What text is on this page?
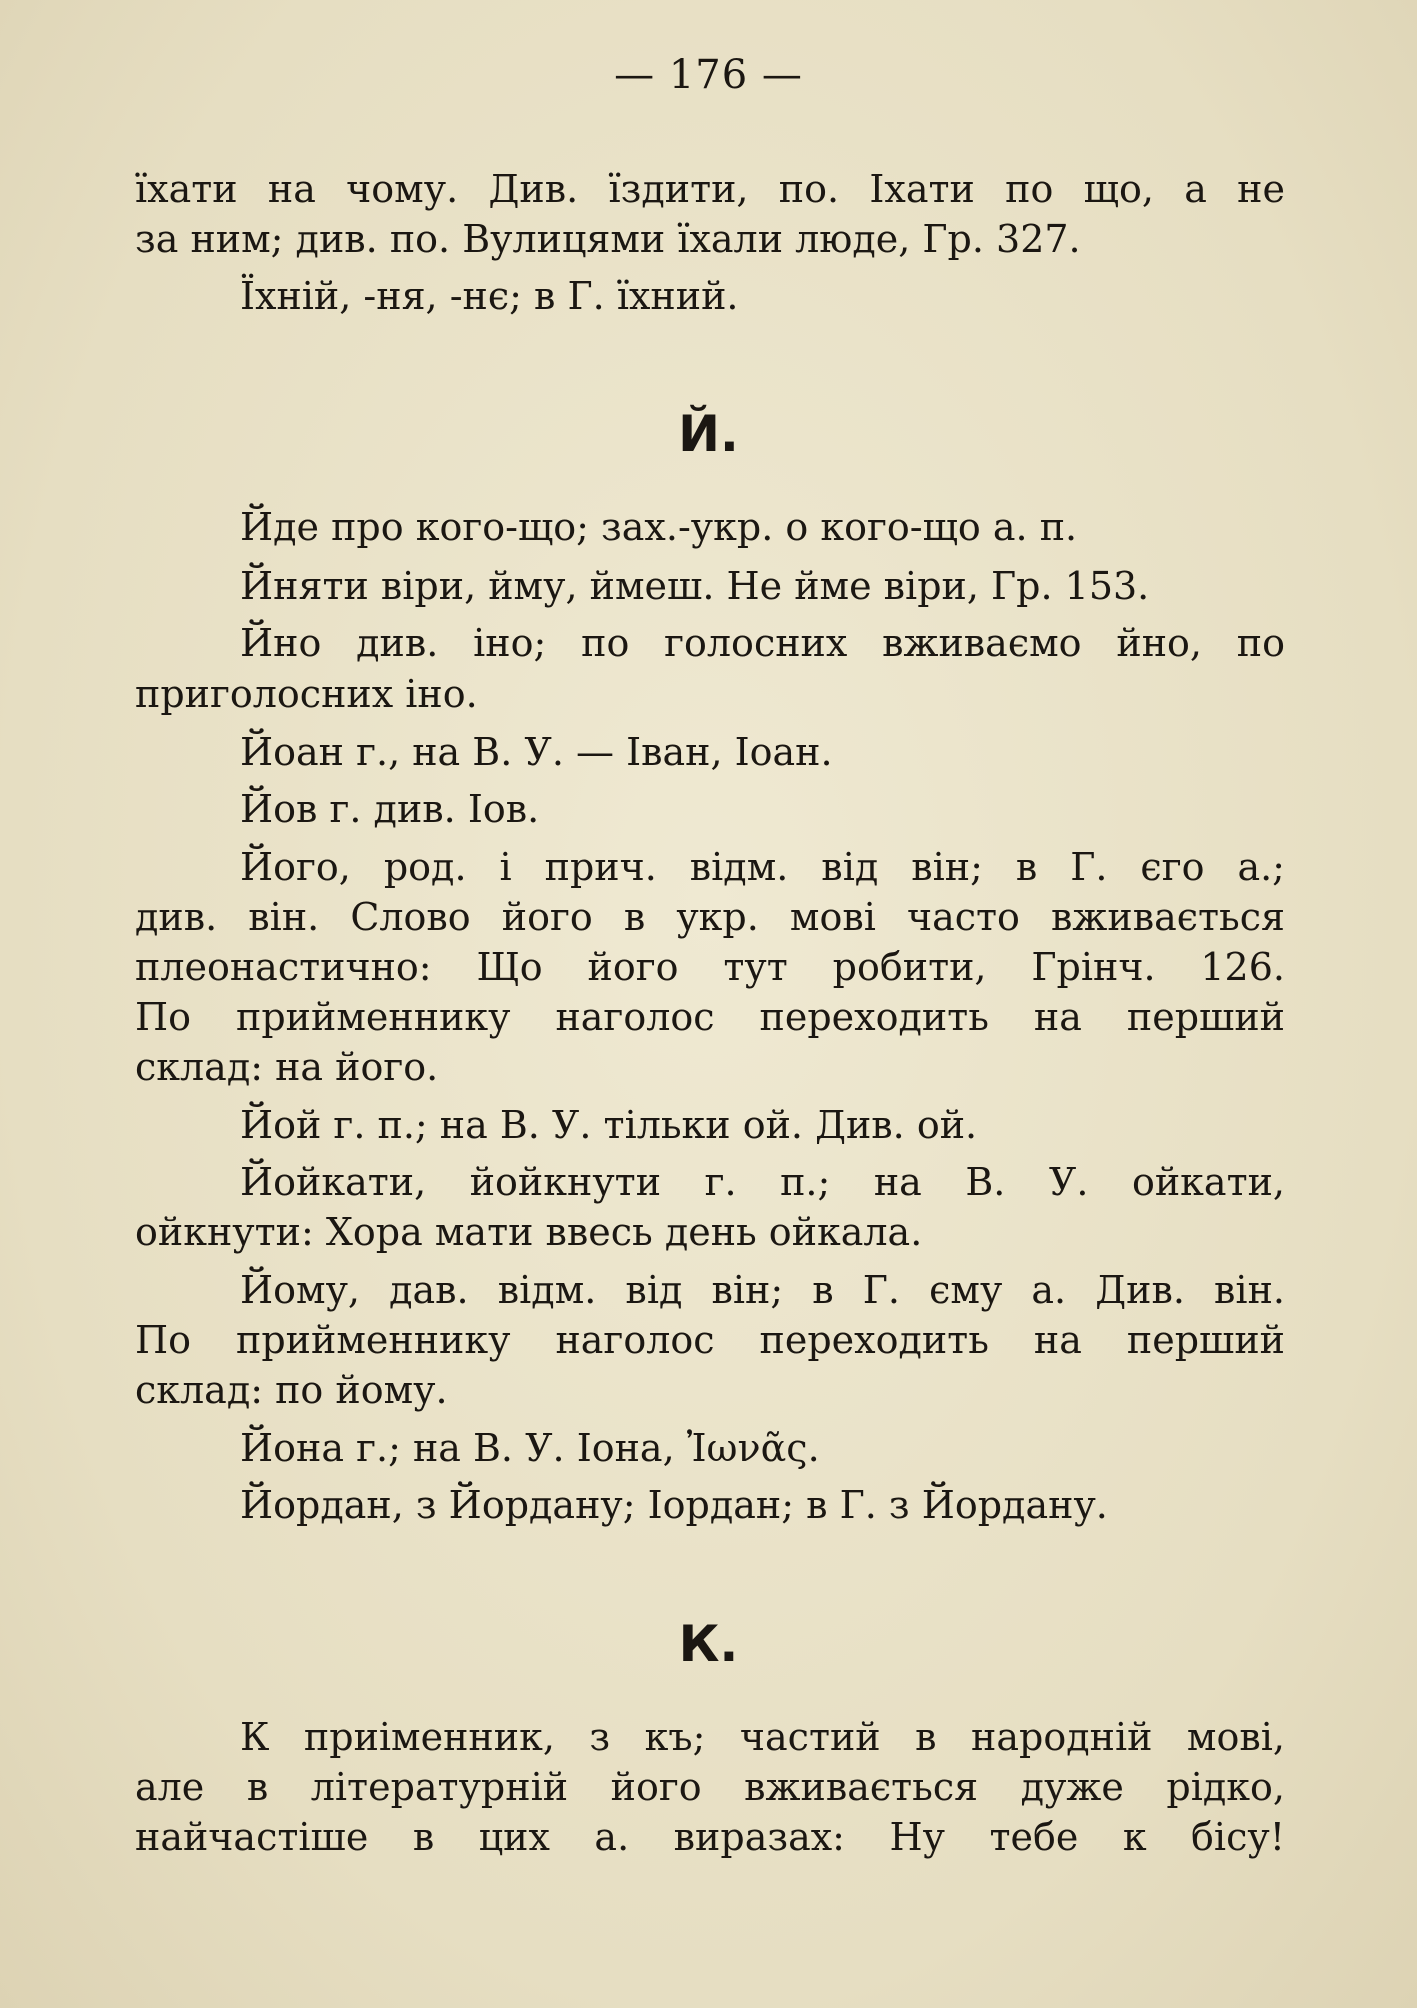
— 176 —
їхати на чому. Див. їздити, по. Іхати по що, а не
за ним; див. по. Вулицями їхали люде, Гр. 327.
Їхній, -ня, -нє; в Г. їхний.
Й.
Йде про кого-що; зах.-укр. о кого-що а. п.
Йняти віри, йму, ймеш. Не йме віри, Гр. 153.
Йно див. іно; по голосних вживаємо йно, по
приголосних іно.
Йоан г., на В. У. — Іван, Іоан.
Йов г. див. Іов.
Його, род. і прич. відм. від він; в Г. єго а.;
див. він. Слово його в укр. мові часто вживається
плеонастично: Що його тут робити, Грінч. 126.
По прийменнику наголос переходить на перший
склад: на його.
Йой г. п.; на В. У. тільки ой. Див. ой.
Йойкати, йойкнути г. п.; на В. У. ойкати,
ойкнути: Хора мати ввесь день ойкала.
Йому, дав. відм. від він; в Г. єму а. Див. він.
По прийменнику наголос переходить на перший
склад: по йому.
Йона г.; на В. У. Іона, Ἰωνᾶς.
Йордан, з Йордану; Іордан; в Г. з Йордану.
К.
К приіменник, з къ; частий в народній мові,
але в літературній його вживається дуже рідко,
найчастіше в цих а. виразах: Ну тебе к бісу!
